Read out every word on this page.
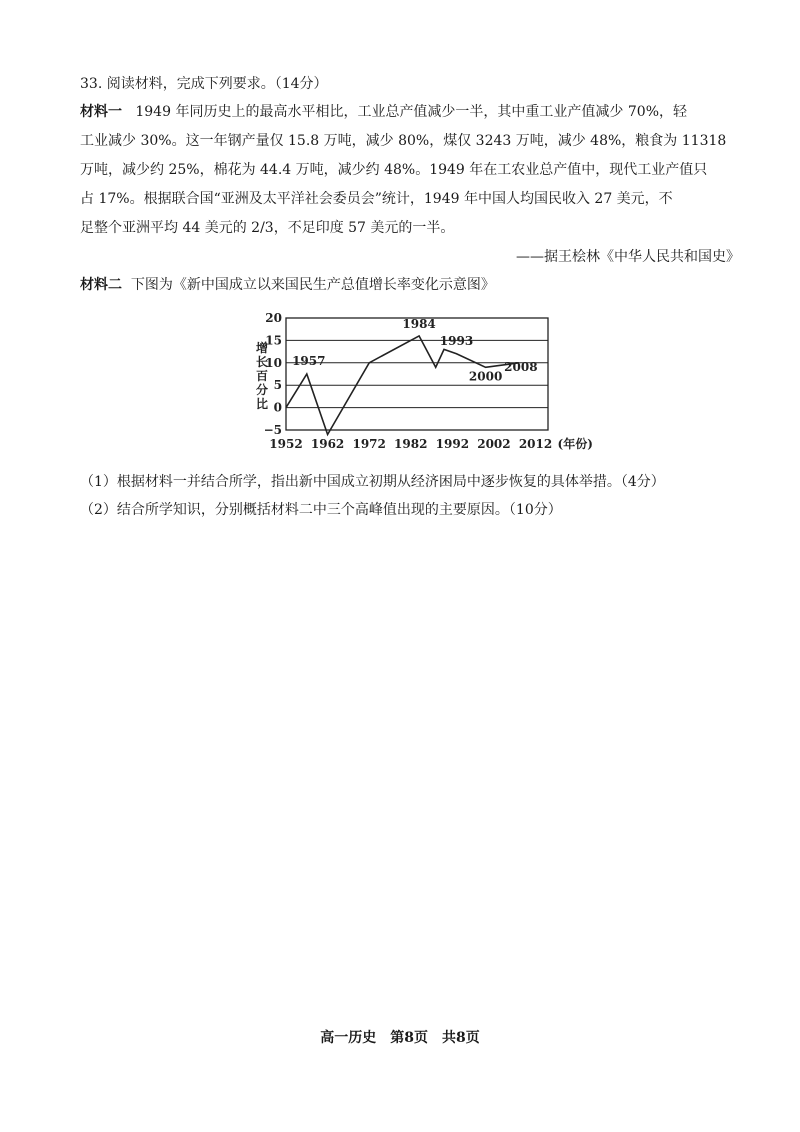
33. 阅读材料，完成下列要求。（14分）
材料一 1949 年同历史上的最高水平相比，工业总产值减少一半，其中重工业产值减少 70%，轻
工业减少 30%。这一年钢产量仅 15.8 万吨，减少 80%，煤仅 3243 万吨，减少 48%，粮食为 11318
万吨，减少约 25%，棉花为 44.4 万吨，减少约 48%。1949 年在工农业总产值中，现代工业产值只
占 17%。根据联合国“亚洲及太平洋社会委员会”统计，1949 年中国人均国民收入 27 美元，不
足整个亚洲平均 44 美元的 2/3，不足印度 57 美元的一半。
——据王桧林《中华人民共和国史》
材料二 下图为《新中国成立以来国民生产总值增长率变化示意图》
20
15
10
5
0
−5
1952 1962 1972 1982 1992 2002 2012 (年份)
增长百分比
1957
1984
1993
2000
2008
（1）根据材料一并结合所学，指出新中国成立初期从经济困局中逐步恢复的具体举措。（4分）
（2）结合所学知识，分别概括材料二中三个高峰值出现的主要原因。（10分）
高一历史　第8页　共8页
